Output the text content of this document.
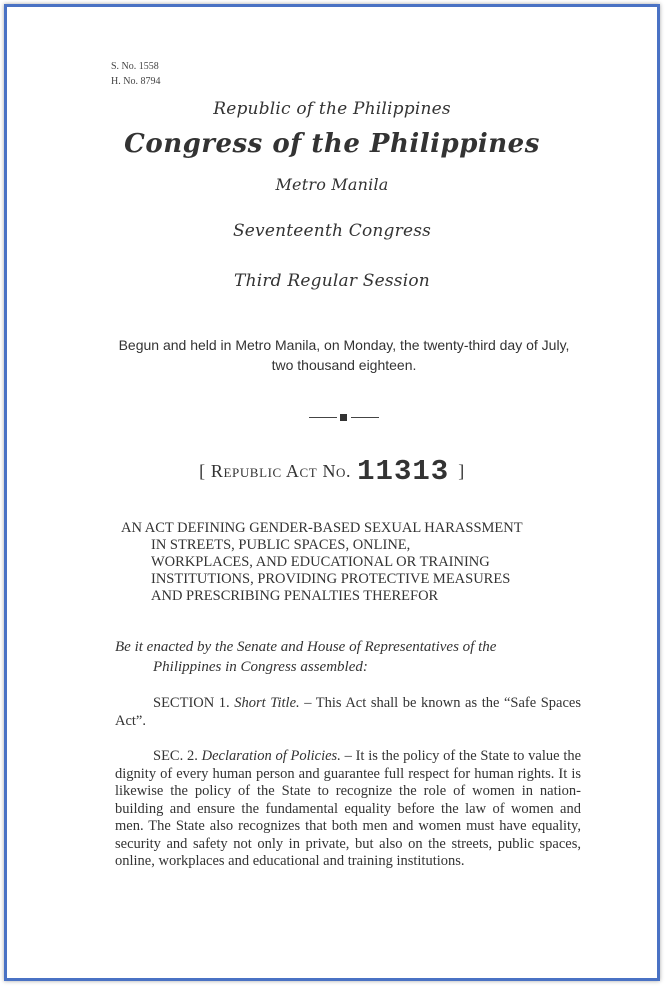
S. No. 1558
H. No. 8794
Republic of the Philippines
Congress of the Philippines
Metro Manila
Seventeenth Congress
Third Regular Session
Begun and held in Metro Manila, on Monday, the twenty-third day of July, two thousand eighteen.
[ Republic Act No. 11313 ]
AN ACT DEFINING GENDER-BASED SEXUAL HARASSMENT
IN STREETS, PUBLIC SPACES, ONLINE,
WORKPLACES, AND EDUCATIONAL OR TRAINING
INSTITUTIONS, PROVIDING PROTECTIVE MEASURES
AND PRESCRIBING PENALTIES THEREFOR
Be it enacted by the Senate and House of Representatives of the
Philippines in Congress assembled:
SECTION 1. Short Title. – This Act shall be known as the “Safe Spaces Act”.
SEC. 2. Declaration of Policies. – It is the policy of the State to value the dignity of every human person and guarantee full respect for human rights. It is likewise the policy of the State to recognize the role of women in nation-building and ensure the fundamental equality before the law of women and men. The State also recognizes that both men and women must have equality, security and safety not only in private, but also on the streets, public spaces, online, workplaces and educational and training institutions.
